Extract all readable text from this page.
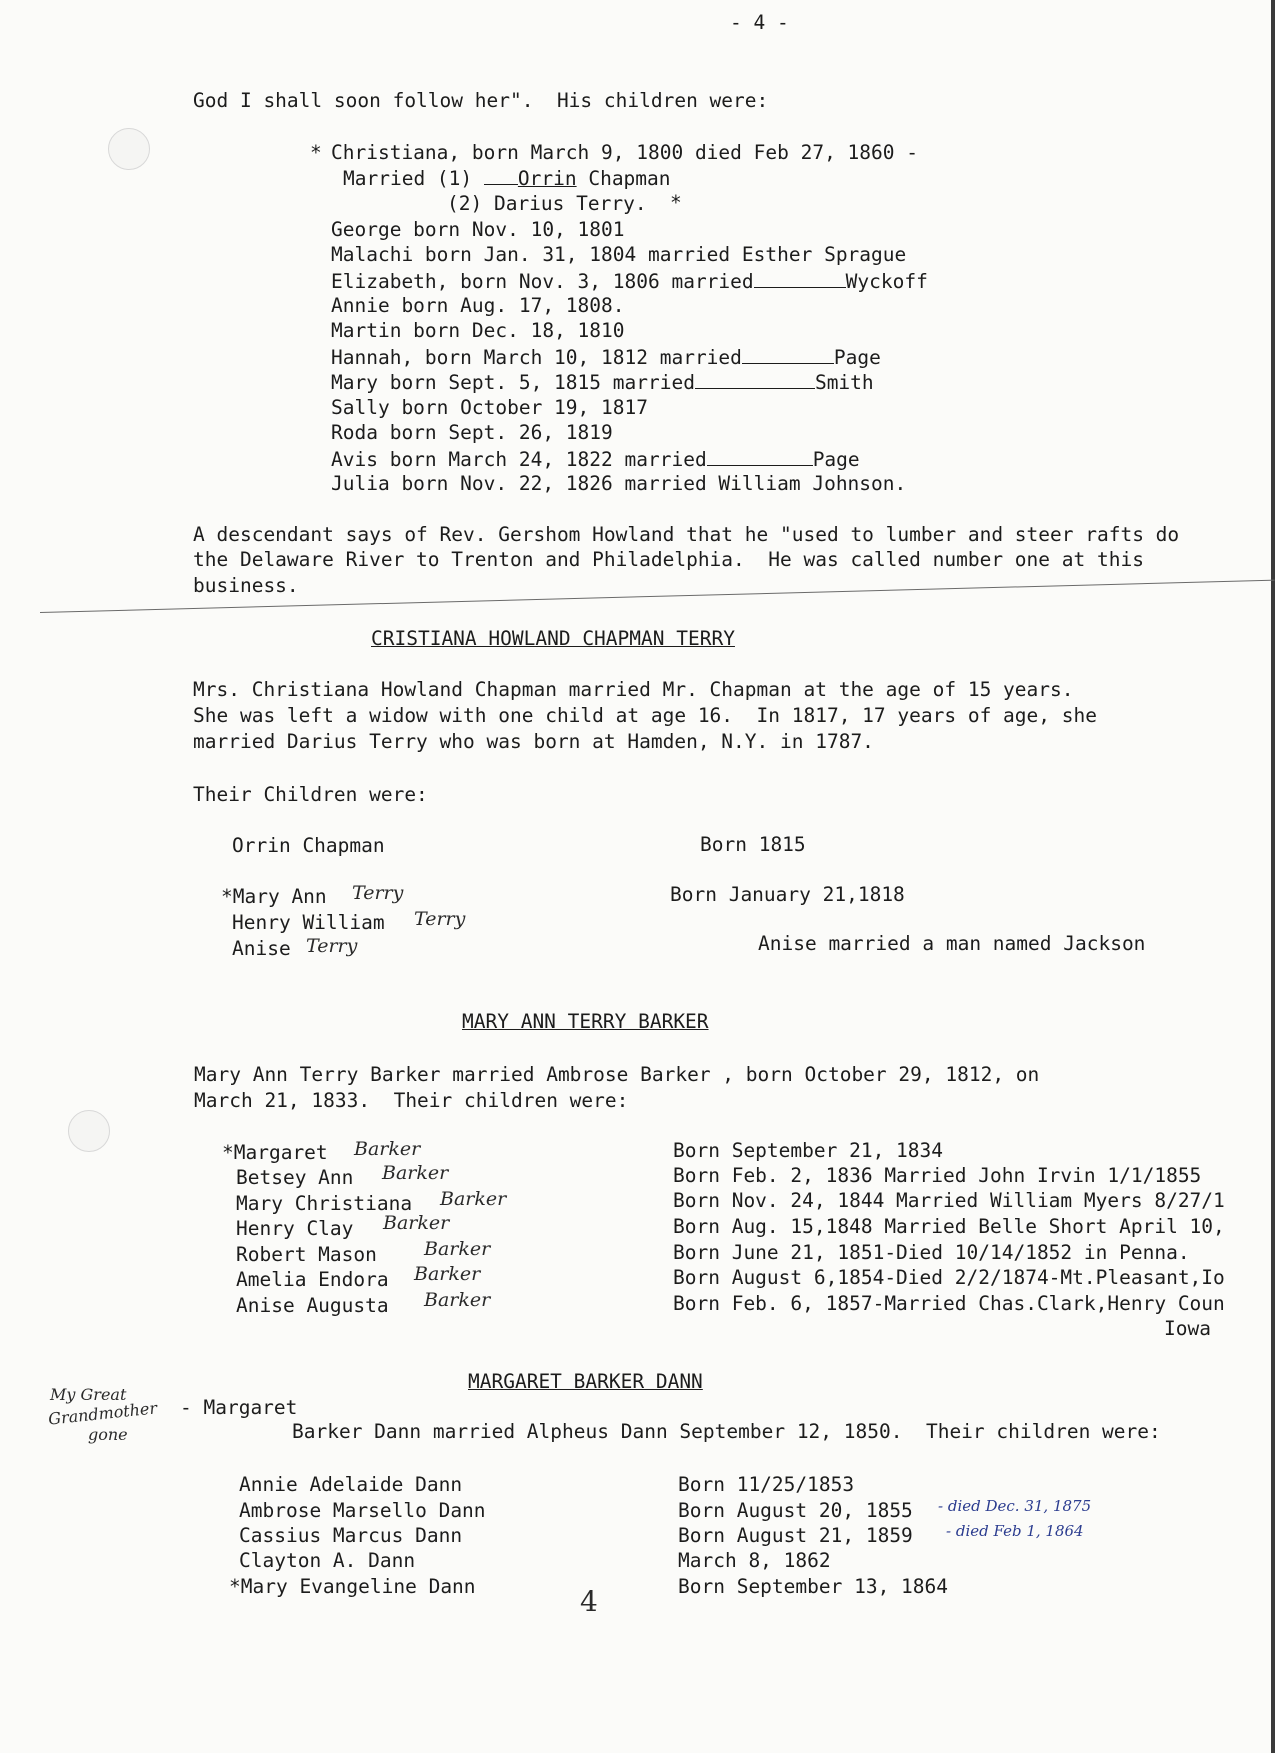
- 4 -
God I shall soon follow her".  His children were:
* Christiana, born March 9, 1800 died Feb 27, 1860 -
Married (1) Orrin Chapman
(2) Darius Terry. *
George born Nov. 10, 1801
Malachi born Jan. 31, 1804 married Esther Sprague
Elizabeth, born Nov. 3, 1806 married	Wyckoff
Annie born Aug. 17, 1808.
Martin born Dec. 18, 1810
Hannah, born March 10, 1812 married	Page
Mary born Sept. 5, 1815 married	Smith
Sally born October 19, 1817
Roda born Sept. 26, 1819
Avis born March 24, 1822 married	Page
Julia born Nov. 22, 1826 married William Johnson.
A descendant says of Rev. Gershom Howland that he "used to lumber and steer rafts do
the Delaware River to Trenton and Philadelphia.  He was called number one at this
business.
CRISTIANA HOWLAND CHAPMAN TERRY
Mrs. Christiana Howland Chapman married Mr. Chapman at the age of 15 years.
She was left a widow with one child at age 16.  In 1817, 17 years of age, she
married Darius Terry who was born at Hamden, N.Y. in 1787.
Their Children were:
Orrin Chapman	Born 1815
*Mary Ann Terry	Born January 21,1818
Henry William Terry
Anise Terry	Anise married a man named Jackson
MARY ANN TERRY BARKER
Mary Ann Terry Barker married Ambrose Barker , born October 29, 1812, on
March 21, 1833.  Their children were:
*Margaret Barker	Born September 21, 1834
Betsey Ann Barker	Born Feb. 2, 1836 Married John Irvin 1/1/1855
Mary Christiana Barker	Born Nov. 24, 1844 Married William Myers 8/27/1
Henry Clay Barker	Born Aug. 15,1848 Married Belle Short April 10,
Robert Mason Barker	Born June 21, 1851-Died 10/14/1852 in Penna.
Amelia Endora Barker	Born August 6,1854-Died 2/2/1874-Mt.Pleasant,Io
Anise Augusta Barker	Born Feb. 6, 1857-Married Chas.Clark,Henry Coun
Iowa
MARGARET BARKER DANN
My Great
Grandmother
gone
- Margaret
Barker Dann married Alpheus Dann September 12, 1850.  Their children were:
Annie Adelaide Dann	Born 11/25/1853
Ambrose Marsello Dann	Born August 20, 1855 - died Dec. 31, 1875
Cassius Marcus Dann	Born August 21, 1859 - died Feb 1, 1864
Clayton A. Dann	March 8, 1862
*Mary Evangeline Dann	Born September 13, 1864
4
